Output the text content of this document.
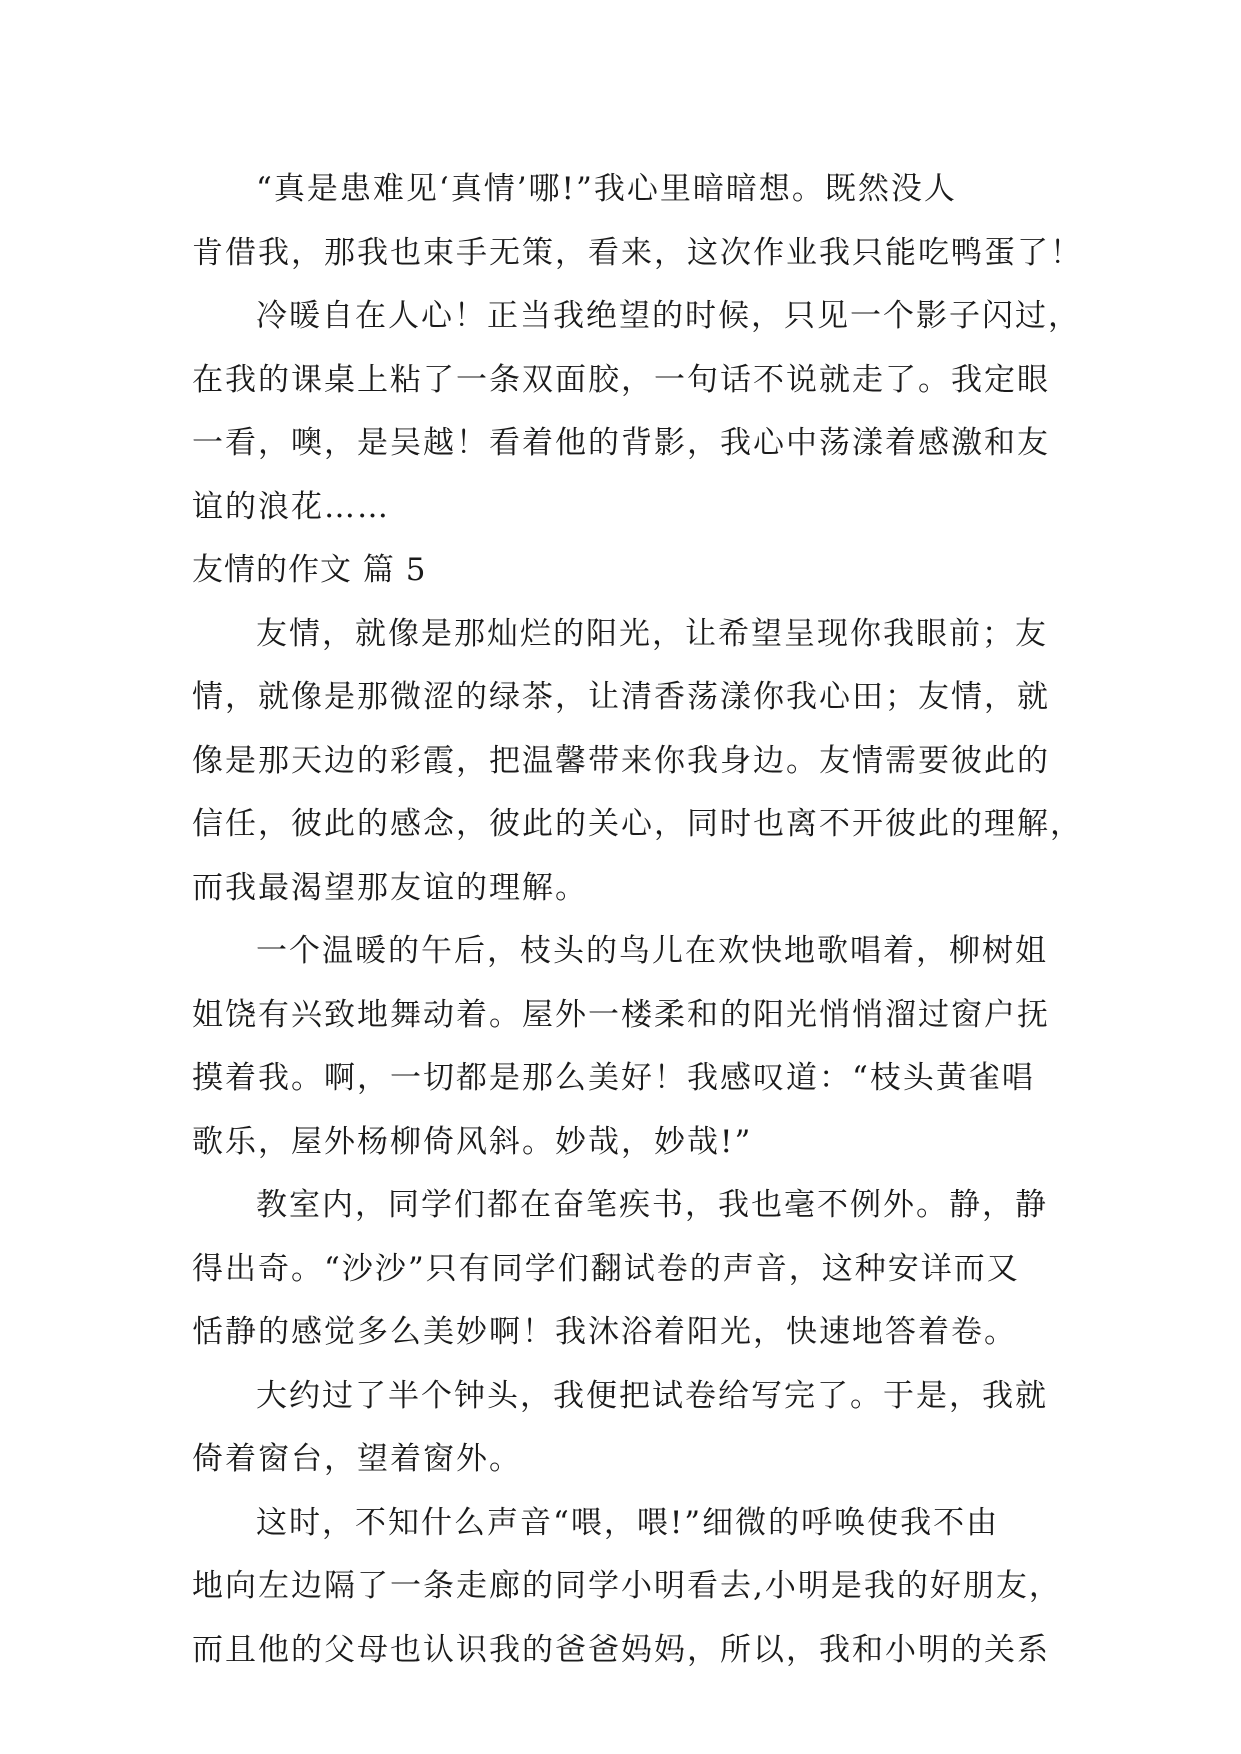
“真是患难见‘真情’哪!”我心里暗暗想。既然没人
肯借我，那我也束手无策，看来，这次作业我只能吃鸭蛋了！
冷暖自在人心！正当我绝望的时候，只见一个影子闪过，
在我的课桌上粘了一条双面胶，一句话不说就走了。我定眼
一看，噢，是吴越！看着他的背影，我心中荡漾着感激和友
谊的浪花……
友情的作文 篇 5
友情，就像是那灿烂的阳光，让希望呈现你我眼前；友
情，就像是那微涩的绿茶，让清香荡漾你我心田；友情，就
像是那天边的彩霞，把温馨带来你我身边。友情需要彼此的
信任，彼此的感念，彼此的关心，同时也离不开彼此的理解，
而我最渴望那友谊的理解。
一个温暖的午后，枝头的鸟儿在欢快地歌唱着，柳树姐
姐饶有兴致地舞动着。屋外一楼柔和的阳光悄悄溜过窗户抚
摸着我。啊，一切都是那么美好！我感叹道：“枝头黄雀唱
歌乐，屋外杨柳倚风斜。妙哉，妙哉!”
教室内，同学们都在奋笔疾书，我也毫不例外。静，静
得出奇。“沙沙”只有同学们翻试卷的声音，这种安详而又
恬静的感觉多么美妙啊！我沐浴着阳光，快速地答着卷。
大约过了半个钟头，我便把试卷给写完了。于是，我就
倚着窗台，望着窗外。
这时，不知什么声音“喂，喂!”细微的呼唤使我不由
地向左边隔了一条走廊的同学小明看去,小明是我的好朋友，
而且他的父母也认识我的爸爸妈妈，所以，我和小明的关系
